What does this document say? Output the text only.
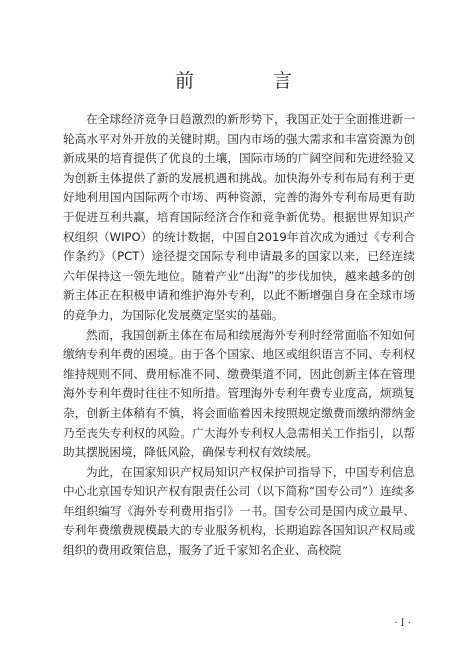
前　言

在全球经济竞争日趋激烈的新形势下，我国正处于全面推进新一轮高水平对外开放的关键时期。国内市场的强大需求和丰富资源为创新成果的培育提供了优良的土壤，国际市场的广阔空间和先进经验又为创新主体提供了新的发展机遇和挑战。加快海外专利布局有利于更好地利用国内国际两个市场、两种资源，完善的海外专利布局更有助于促进互利共赢，培育国际经济合作和竞争新优势。根据世界知识产权组织（WIPO）的统计数据，中国自2019年首次成为通过《专利合作条约》（PCT）途径提交国际专利申请最多的国家以来，已经连续六年保持这一领先地位。随着产业“出海”的步伐加快，越来越多的创新主体正在积极申请和维护海外专利，以此不断增强自身在全球市场的竞争力，为国际化发展奠定坚实的基础。

然而，我国创新主体在布局和续展海外专利时经常面临不知如何缴纳专利年费的困境。由于各个国家、地区或组织语言不同、专利权维持规则不同、费用标准不同、缴费渠道不同，因此创新主体在管理海外专利年费时往往不知所措。管理海外专利年费专业度高，烦琐复杂，创新主体稍有不慎，将会面临着因未按照规定缴费而缴纳滞纳金乃至丧失专利权的风险。广大海外专利权人急需相关工作指引，以帮助其摆脱困境，降低风险，确保专利权有效续展。

为此，在国家知识产权局知识产权保护司指导下，中国专利信息中心北京国专知识产权有限责任公司（以下简称“国专公司”）连续多年组织编写《海外专利费用指引》一书。国专公司是国内成立最早、专利年费缴费规模最大的专业服务机构，长期追踪各国知识产权局或组织的费用政策信息，服务了近千家知名企业、高校院

· I ·
